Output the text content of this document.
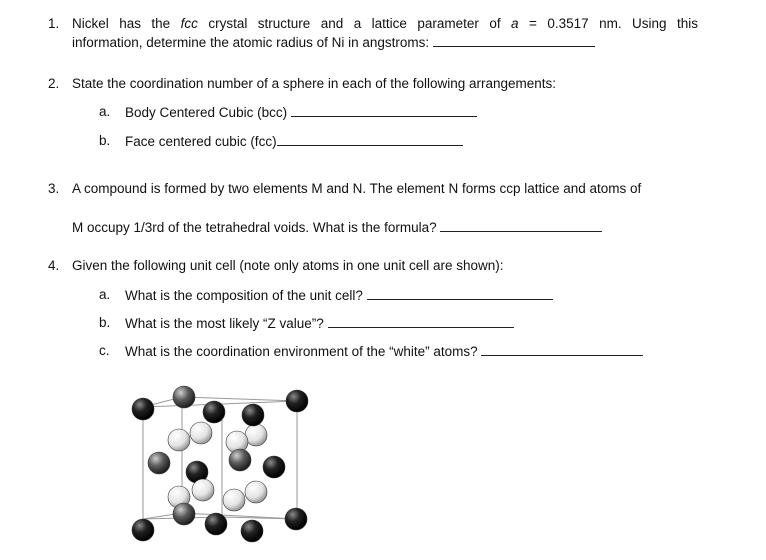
1. Nickel has the fcc crystal structure and a lattice parameter of a = 0.3517 nm. Using this
information, determine the atomic radius of Ni in angstroms:
2. State the coordination number of a sphere in each of the following arrangements:
a.	Body Centered Cubic (bcc)
b.	Face centered cubic (fcc)
3. A compound is formed by two elements M and N. The element N forms ccp lattice and atoms of
M occupy 1/3rd of the tetrahedral voids. What is the formula?
4. Given the following unit cell (note only atoms in one unit cell are shown):
a.	What is the composition of the unit cell?
b.	What is the most likely “Z value”?
c.	What is the coordination environment of the “white” atoms?
